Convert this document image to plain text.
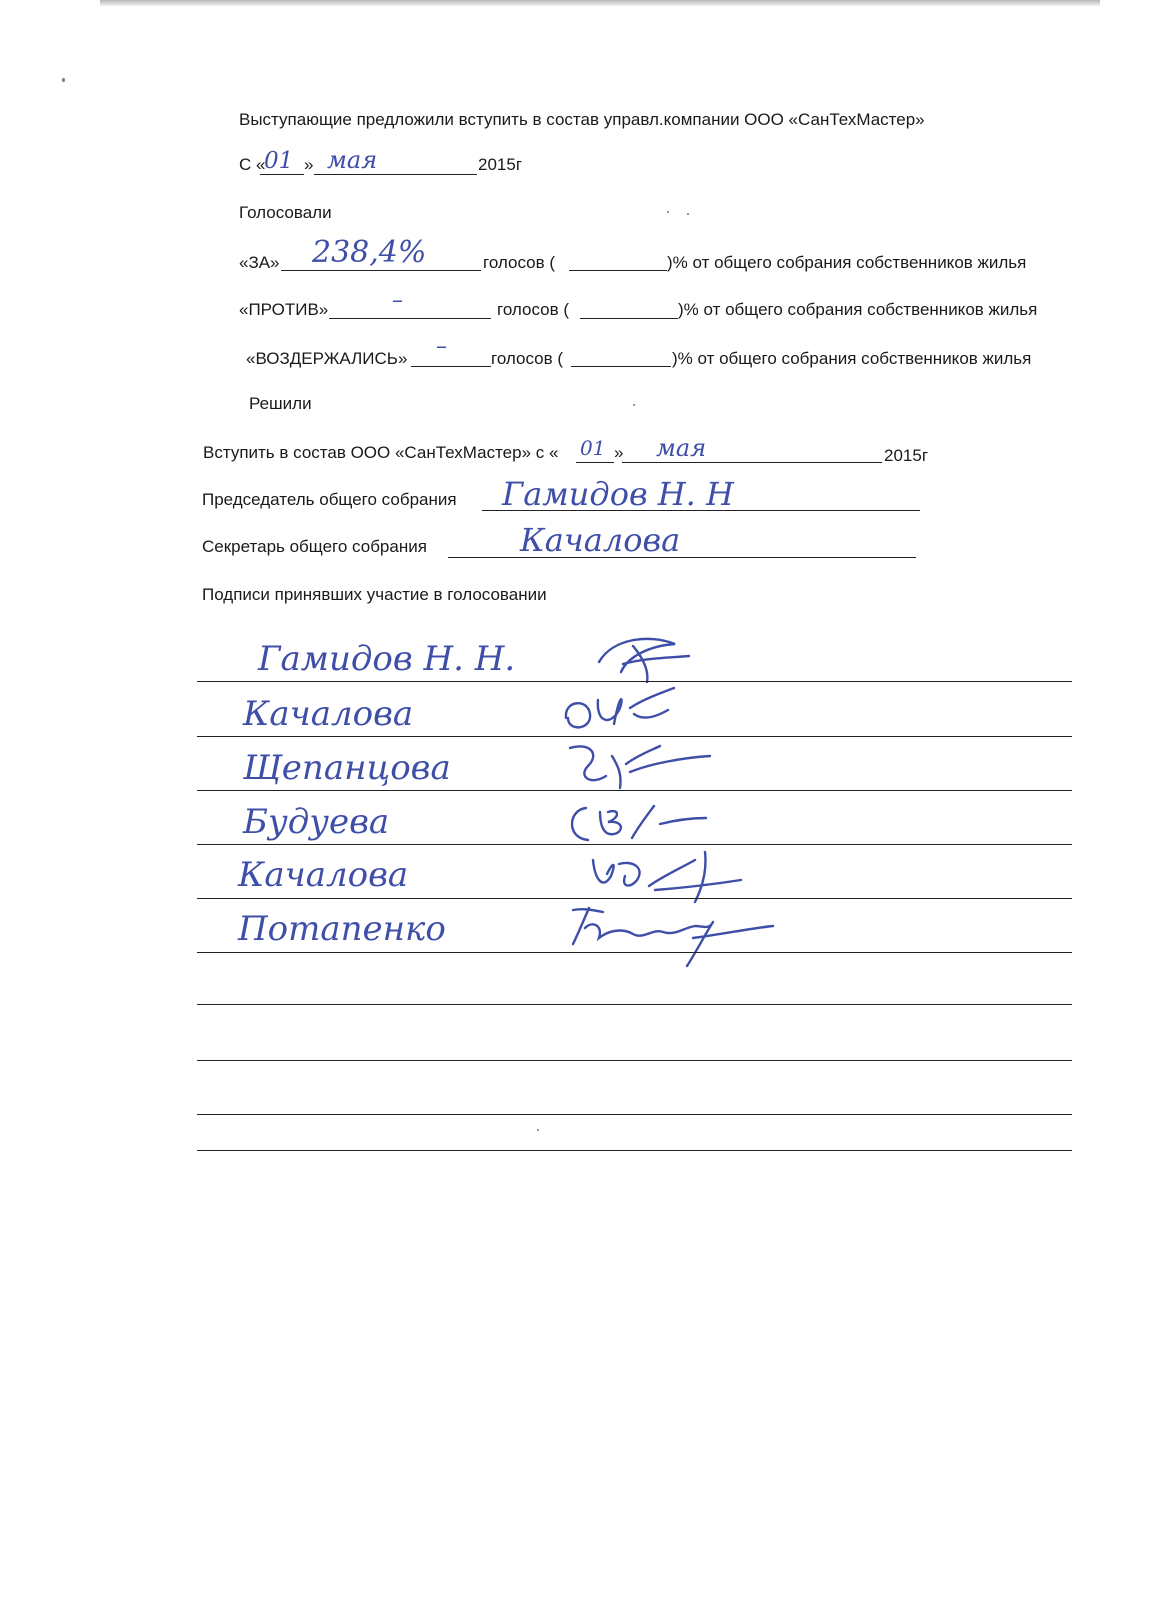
Выступающие предложили вступить в состав управл.компании ООО «СанТехМастер»
С «
01 » мая	2015г
Голосовали
«ЗА» 238,4%	голосов (	)% от общего собрания собственников жилья
«ПРОТИВ»	–	голосов (	)% от общего собрания собственников жилья
«ВОЗДЕРЖАЛИСЬ» –	голосов (	)% от общего собрания собственников жилья
Решили
Вступить в состав ООО «СанТехМастер» с « 01 » мая	2015г
Председатель общего собрания Гамидов Н. Н
Секретарь общего собрания	Качалова
Подписи принявших участие в голосовании
Гамидов Н. Н.
Качалова
Щепанцова
Будуева
Качалова
Потапенко
